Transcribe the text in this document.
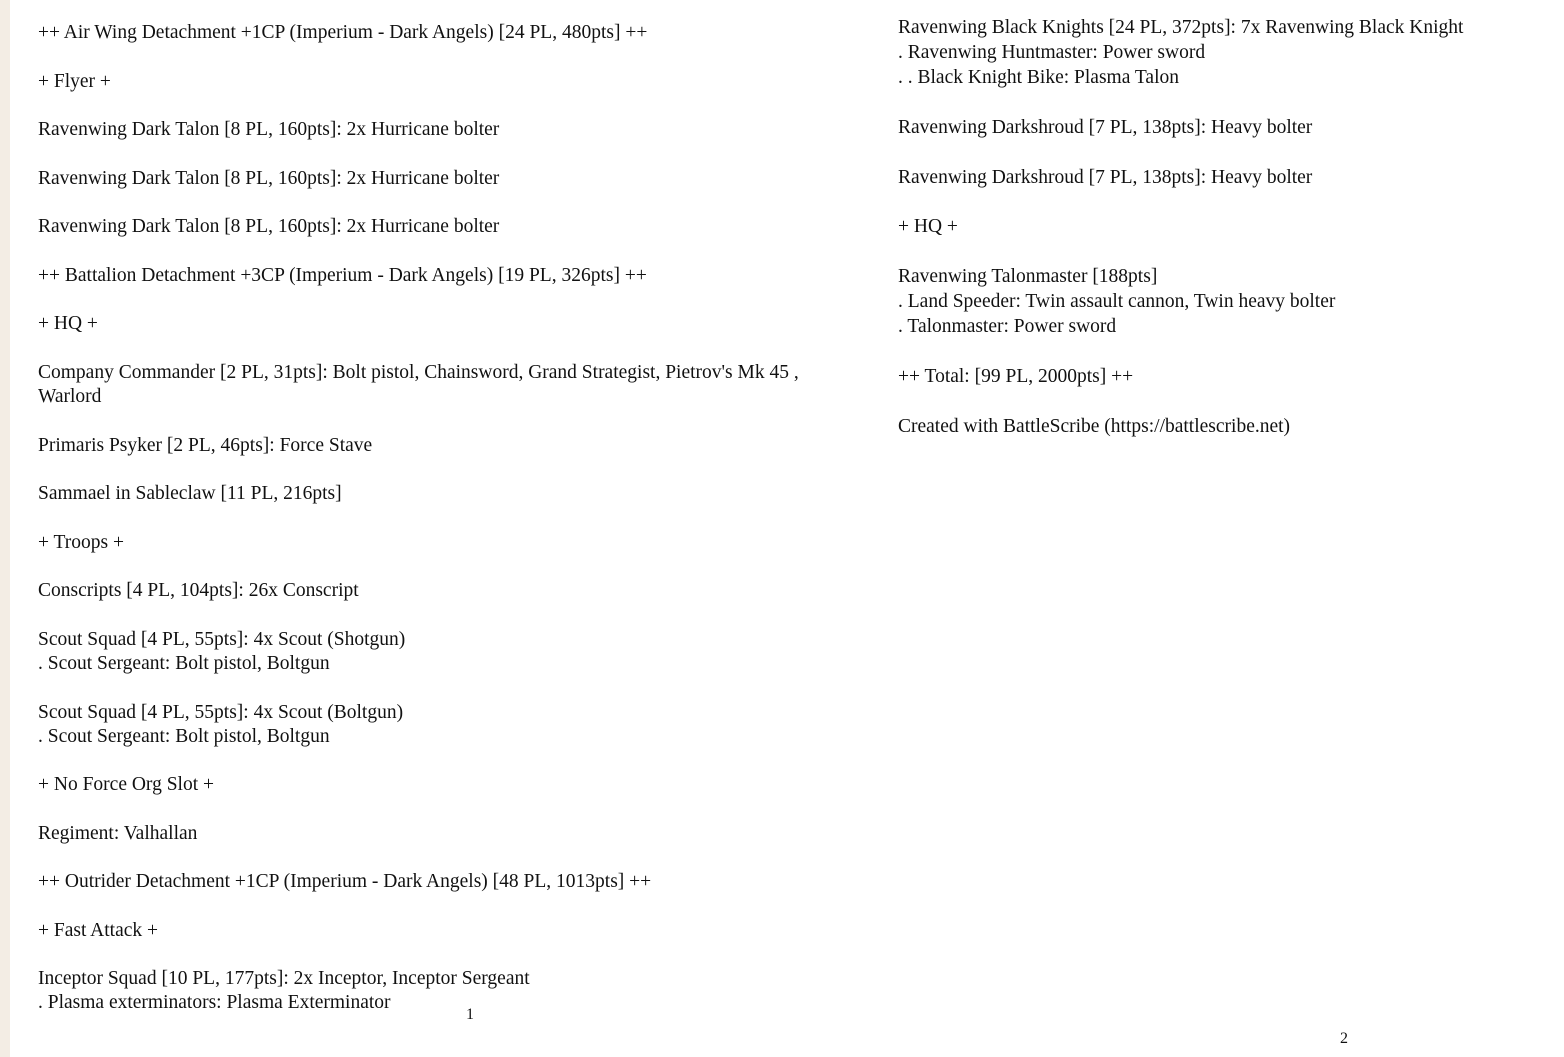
++ Air Wing Detachment +1CP (Imperium - Dark Angels) [24 PL, 480pts] ++
+ Flyer +
Ravenwing Dark Talon [8 PL, 160pts]: 2x Hurricane bolter
Ravenwing Dark Talon [8 PL, 160pts]: 2x Hurricane bolter
Ravenwing Dark Talon [8 PL, 160pts]: 2x Hurricane bolter
++ Battalion Detachment +3CP (Imperium - Dark Angels) [19 PL, 326pts] ++
+ HQ +
Company Commander [2 PL, 31pts]: Bolt pistol, Chainsword, Grand Strategist, Pietrov's Mk 45 ,
Warlord
Primaris Psyker [2 PL, 46pts]: Force Stave
Sammael in Sableclaw [11 PL, 216pts]
+ Troops +
Conscripts [4 PL, 104pts]: 26x Conscript
Scout Squad [4 PL, 55pts]: 4x Scout (Shotgun)
. Scout Sergeant: Bolt pistol, Boltgun
Scout Squad [4 PL, 55pts]: 4x Scout (Boltgun)
. Scout Sergeant: Bolt pistol, Boltgun
+ No Force Org Slot +
Regiment: Valhallan
++ Outrider Detachment +1CP (Imperium - Dark Angels) [48 PL, 1013pts] ++
+ Fast Attack +
Inceptor Squad [10 PL, 177pts]: 2x Inceptor, Inceptor Sergeant
. Plasma exterminators: Plasma Exterminator
1
Ravenwing Black Knights [24 PL, 372pts]: 7x Ravenwing Black Knight
. Ravenwing Huntmaster: Power sword
. . Black Knight Bike: Plasma Talon
Ravenwing Darkshroud [7 PL, 138pts]: Heavy bolter
Ravenwing Darkshroud [7 PL, 138pts]: Heavy bolter
+ HQ +
Ravenwing Talonmaster [188pts]
. Land Speeder: Twin assault cannon, Twin heavy bolter
. Talonmaster: Power sword
++ Total: [99 PL, 2000pts] ++
Created with BattleScribe (https://battlescribe.net)
2
